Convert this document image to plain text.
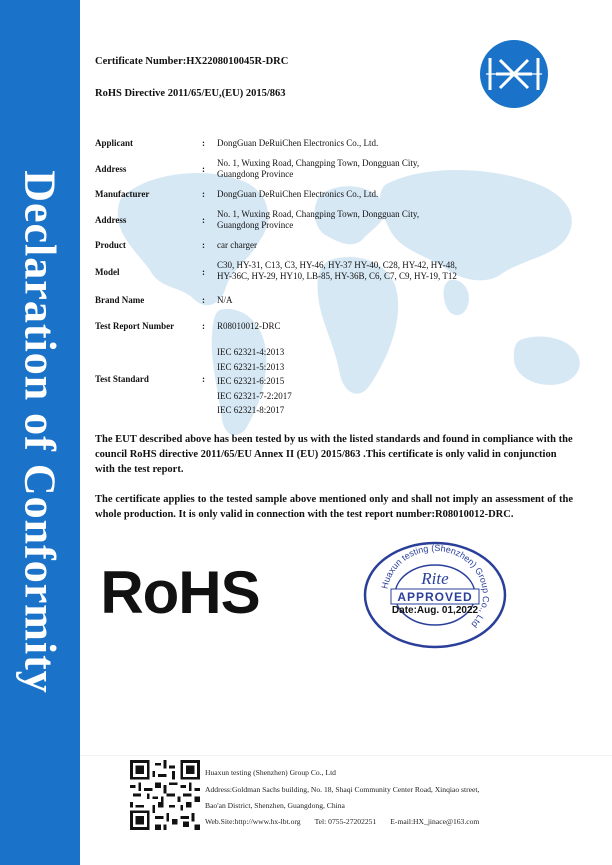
Declaration of Conformity
Certificate Number:HX2208010045R-DRC
RoHS Directive 2011/65/EU,(EU) 2015/863
Applicant	: DongGuan DeRuiChen Electronics Co., Ltd.
Address	:
No. 1, Wuxing Road, Changping Town, Dongguan City,
Guangdong Province
Manufacturer	: DongGuan DeRuiChen Electronics Co., Ltd.
Address	:
No. 1, Wuxing Road, Changping Town, Dongguan City,
Guangdong Province
Product	: car charger
Model	:
C30, HY-31, C13, C3, HY-46, HY-37 HY-40, C28, HY-42, HY-48,
HY-36C, HY-29, HY10, LB-85, HY-36B, C6, C7, C9, HY-19, T12
Brand Name	: N/A
Test Report Number	: R08010012-DRC
Test Standard	:
IEC 62321-4:2013
IEC 62321-5:2013
IEC 62321-6:2015
IEC 62321-7-2:2017
IEC 62321-8:2017
The EUT described above has been tested by us with the listed standards and found in compliance with the council RoHS directive 2011/65/EU Annex II (EU) 2015/863 .This certificate is only valid in conjunction with the test report.
The certificate applies to the tested sample above mentioned only and shall not imply an assessment of the whole production. It is only valid in connection with the test report number:R08010012-DRC.
RoHS	Huaxun testing (Shenzhen) Group Co., Ltd
Rite
APPROVED
Date:Aug. 01,2022
Huaxun testing (Shenzhen) Group Co., Ltd
Address:Goldman Sachs building, No. 18, Shaqi Community Center Road, Xinqiao street,
Bao'an District, Shenzhen, Guangdong, China
Web.Site:http://www.hx-lbt.org Tel: 0755-27202251 E-mail:HX_jinace@163.com
